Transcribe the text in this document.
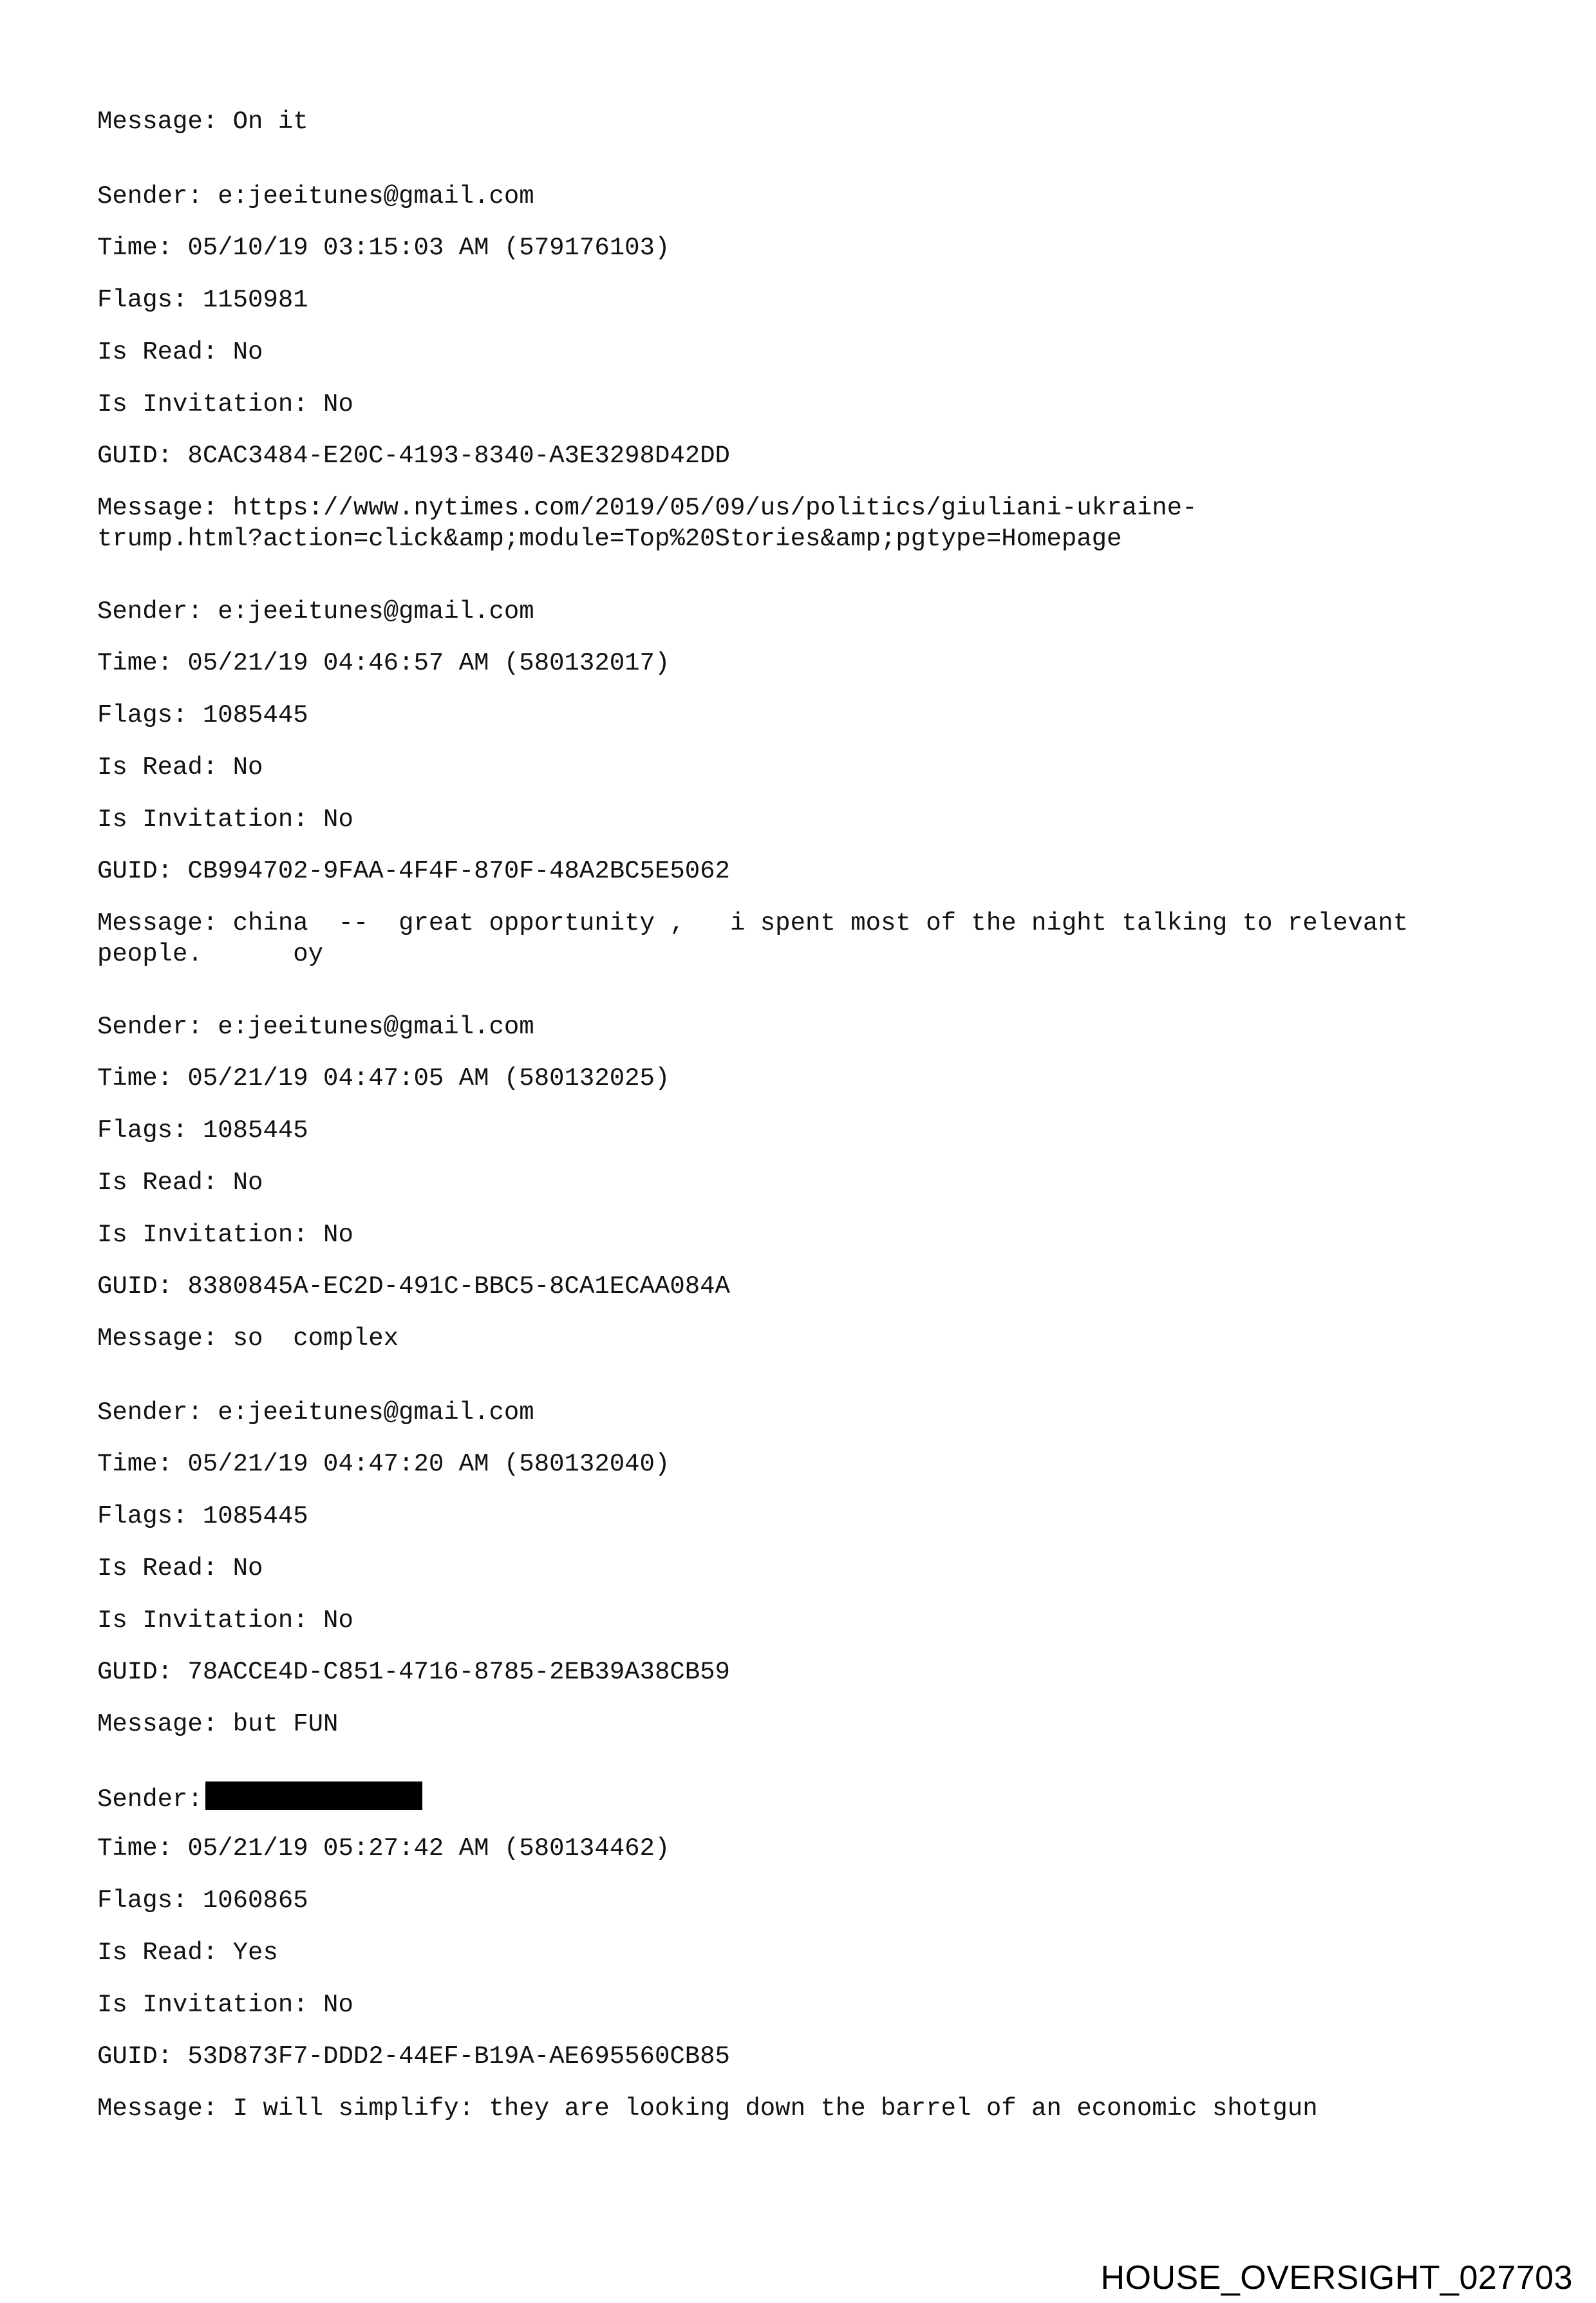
Message: On it
Sender: e:jeeitunes@gmail.com
Time: 05/10/19 03:15:03 AM (579176103)
Flags: 1150981
Is Read: No
Is Invitation: No
GUID: 8CAC3484-E20C-4193-8340-A3E3298D42DD
Message: https://www.nytimes.com/2019/05/09/us/politics/giuliani-ukraine-
trump.html?action=click&amp;module=Top%20Stories&amp;pgtype=Homepage
Sender: e:jeeitunes@gmail.com
Time: 05/21/19 04:46:57 AM (580132017)
Flags: 1085445
Is Read: No
Is Invitation: No
GUID: CB994702-9FAA-4F4F-870F-48A2BC5E5062
Message: china  --  great opportunity ,   i spent most of the night talking to relevant
people.      oy
Sender: e:jeeitunes@gmail.com
Time: 05/21/19 04:47:05 AM (580132025)
Flags: 1085445
Is Read: No
Is Invitation: No
GUID: 8380845A-EC2D-491C-BBC5-8CA1ECAA084A
Message: so  complex
Sender: e:jeeitunes@gmail.com
Time: 05/21/19 04:47:20 AM (580132040)
Flags: 1085445
Is Read: No
Is Invitation: No
GUID: 78ACCE4D-C851-4716-8785-2EB39A38CB59
Message: but FUN
Sender:
Time: 05/21/19 05:27:42 AM (580134462)
Flags: 1060865
Is Read: Yes
Is Invitation: No
GUID: 53D873F7-DDD2-44EF-B19A-AE695560CB85
Message: I will simplify: they are looking down the barrel of an economic shotgun
HOUSE_OVERSIGHT_027703
